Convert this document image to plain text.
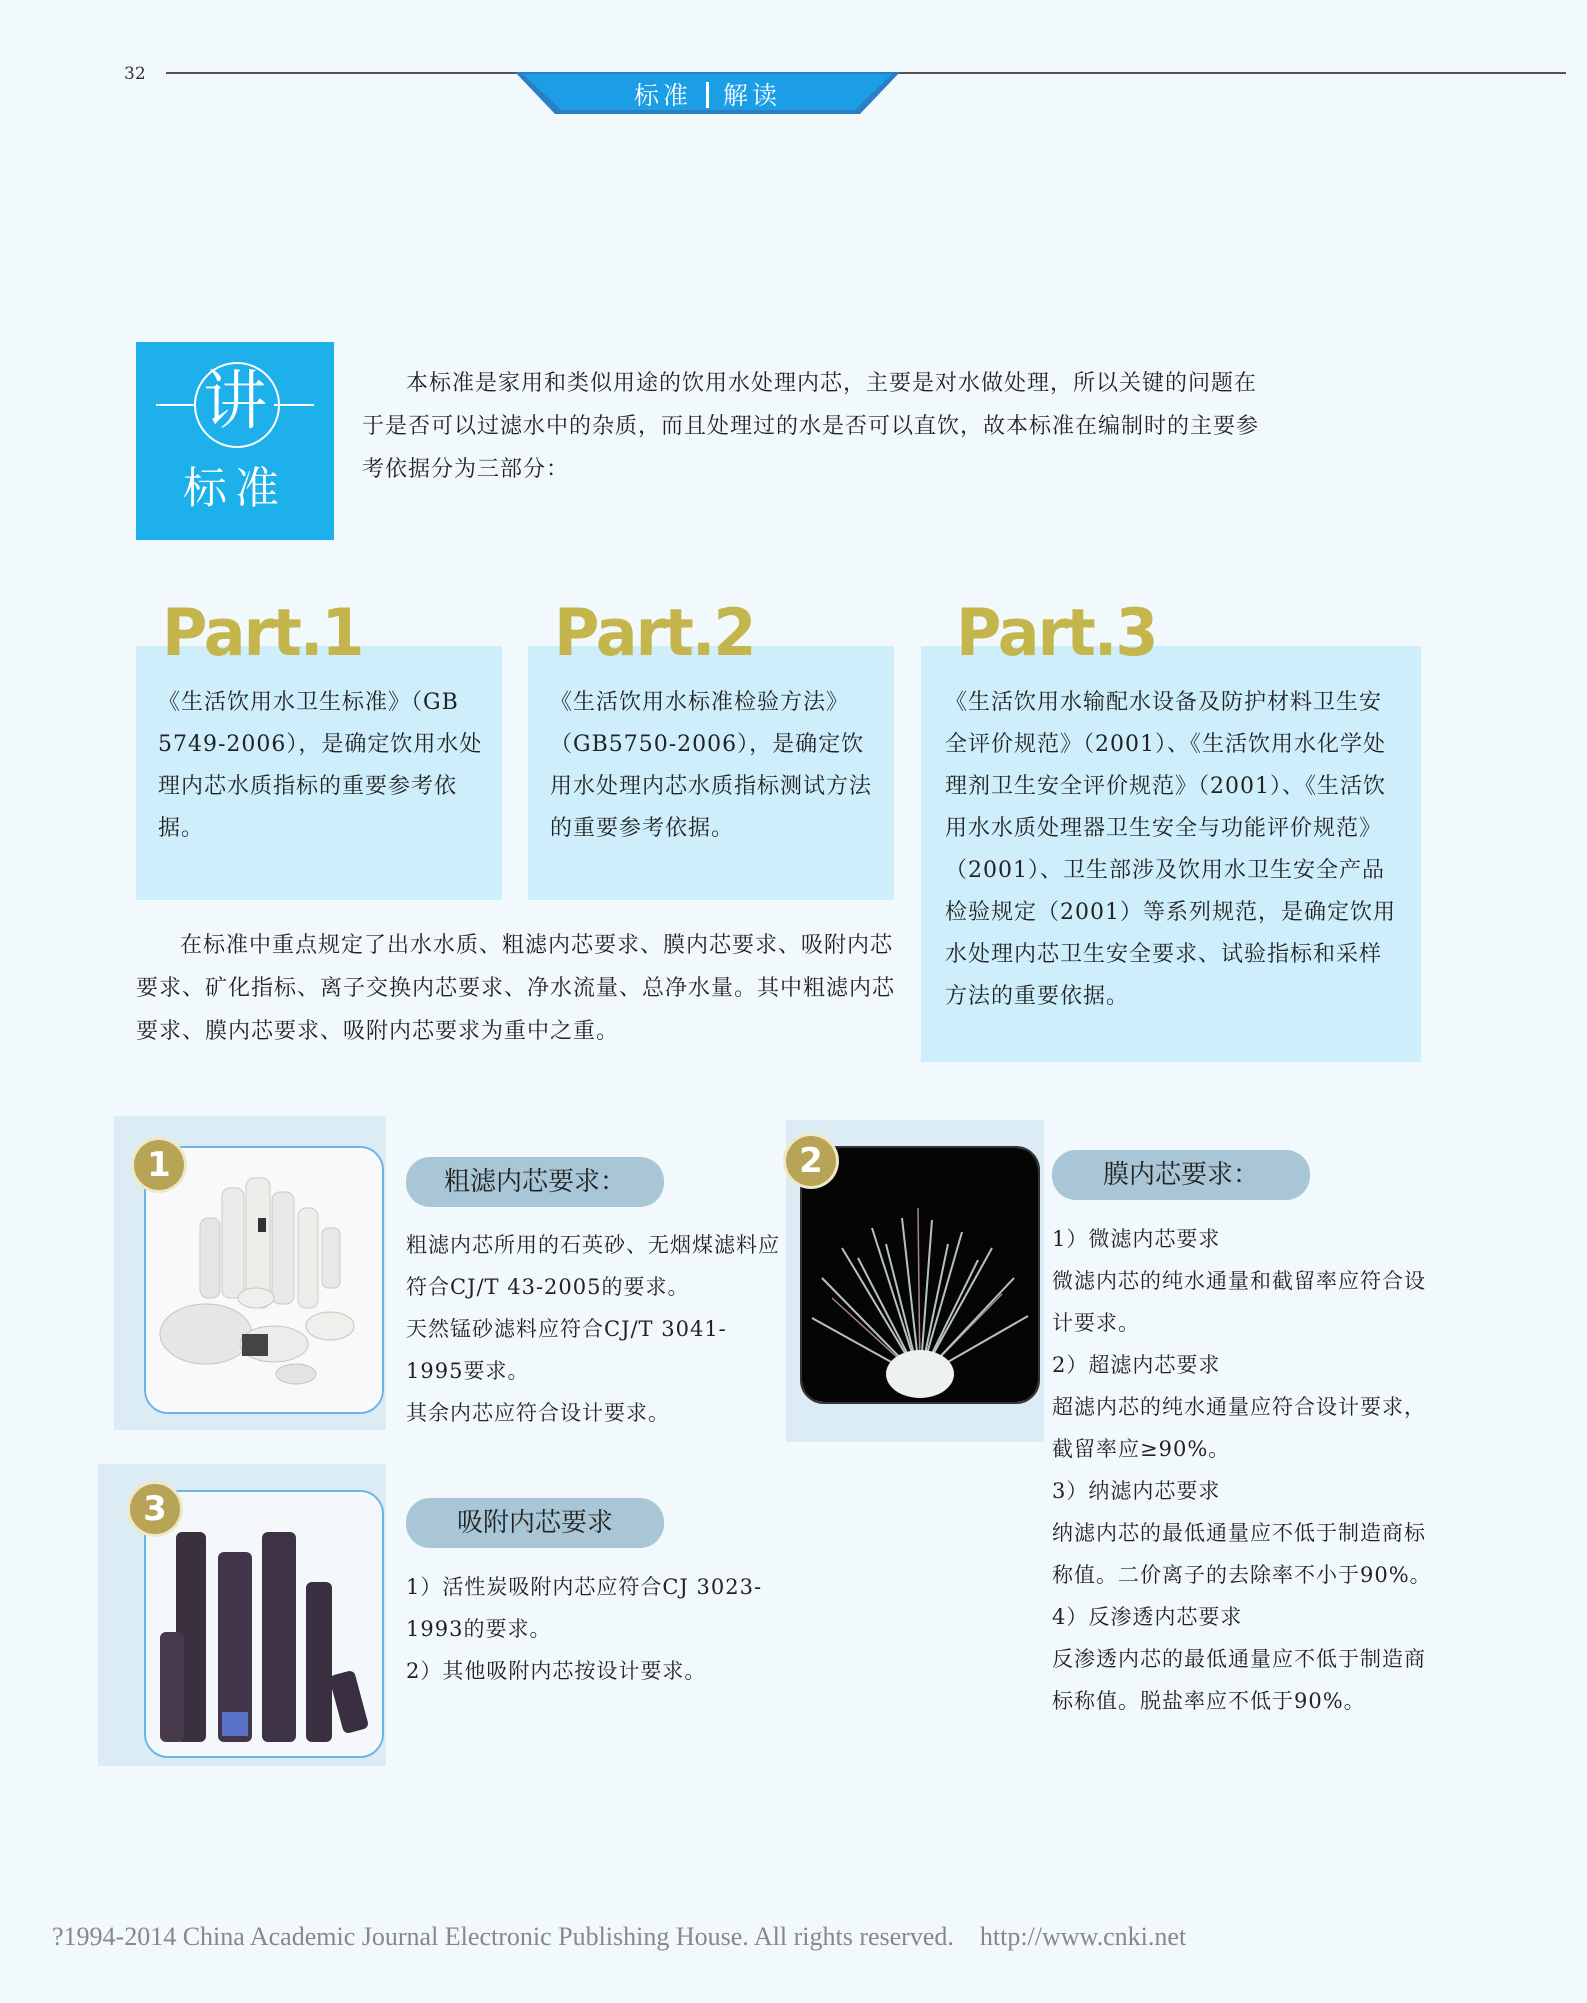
32
标准 解读
讲
标准
本标准是家用和类似用途的饮用水处理内芯，主要是对水做处理，所以关键的问题在于是否可以过滤水中的杂质，而且处理过的水是否可以直饮，故本标准在编制时的主要参考依据分为三部分：
Part.1
《生活饮用水卫生标准》（GB 5749-2006），是确定饮用水处理内芯水质指标的重要参考依据。
Part.2
《生活饮用水标准检验方法》（GB5750-2006），是确定饮用水处理内芯水质指标测试方法的重要参考依据。
Part.3
《生活饮用水输配水设备及防护材料卫生安全评价规范》（2001）、《生活饮用水化学处理剂卫生安全评价规范》（2001）、《生活饮用水水质处理器卫生安全与功能评价规范》（2001）、卫生部涉及饮用水卫生安全产品检验规定（2001）等系列规范，是确定饮用水处理内芯卫生安全要求、试验指标和采样方法的重要依据。
在标准中重点规定了出水水质、粗滤内芯要求、膜内芯要求、吸附内芯要求、矿化指标、离子交换内芯要求、净水流量、总净水量。其中粗滤内芯要求、膜内芯要求、吸附内芯要求为重中之重。
1	粗滤内芯要求：
粗滤内芯所用的石英砂、无烟煤滤料应符合CJ/T 43-2005的要求。
天然锰砂滤料应符合CJ/T 3041-1995要求。
其余内芯应符合设计要求。
2	膜内芯要求：
1）微滤内芯要求
微滤内芯的纯水通量和截留率应符合设计要求。
2）超滤内芯要求
超滤内芯的纯水通量应符合设计要求，截留率应≥90%。
3）纳滤内芯要求
纳滤内芯的最低通量应不低于制造商标称值。二价离子的去除率不小于90%。
4）反渗透内芯要求
反渗透内芯的最低通量应不低于制造商标称值。脱盐率应不低于90%。
3	吸附内芯要求
1）活性炭吸附内芯应符合CJ 3023-1993的要求。
2）其他吸附内芯按设计要求。
?1994-2014 China Academic Journal Electronic Publishing House. All rights reserved. http://www.cnki.net
